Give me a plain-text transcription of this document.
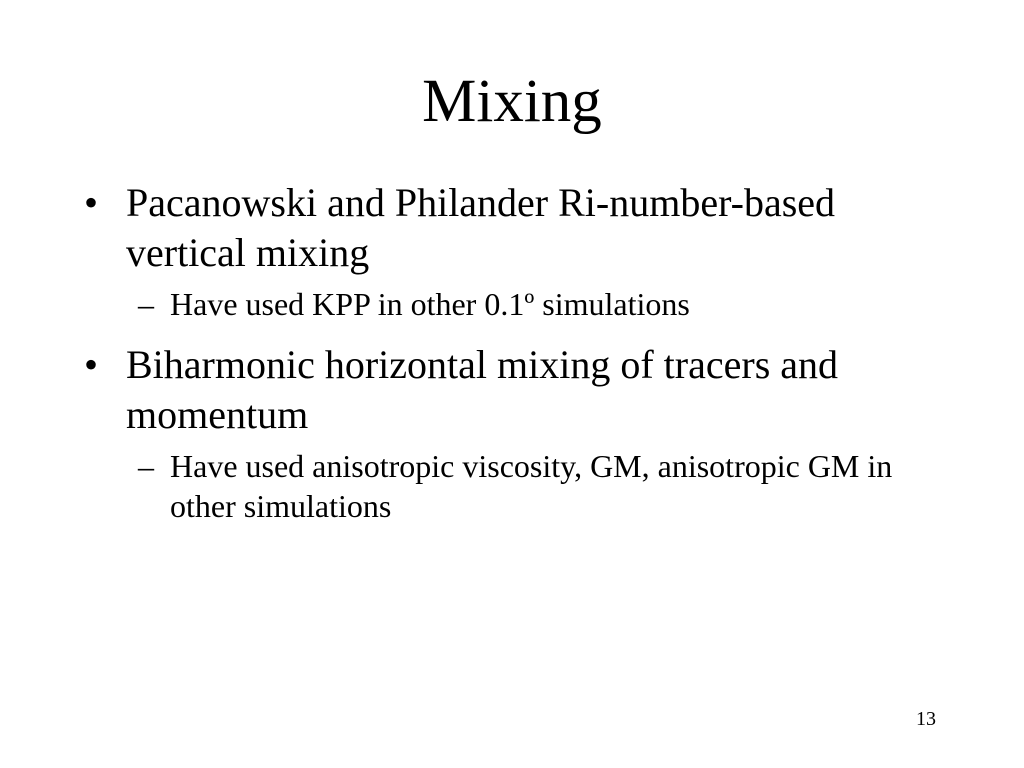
Mixing
• Pacanowski and Philander Ri-number-based vertical mixing
– Have used KPP in other 0.1º simulations
• Biharmonic horizontal mixing of tracers and momentum
– Have used anisotropic viscosity, GM, anisotropic GM in other simulations
13
